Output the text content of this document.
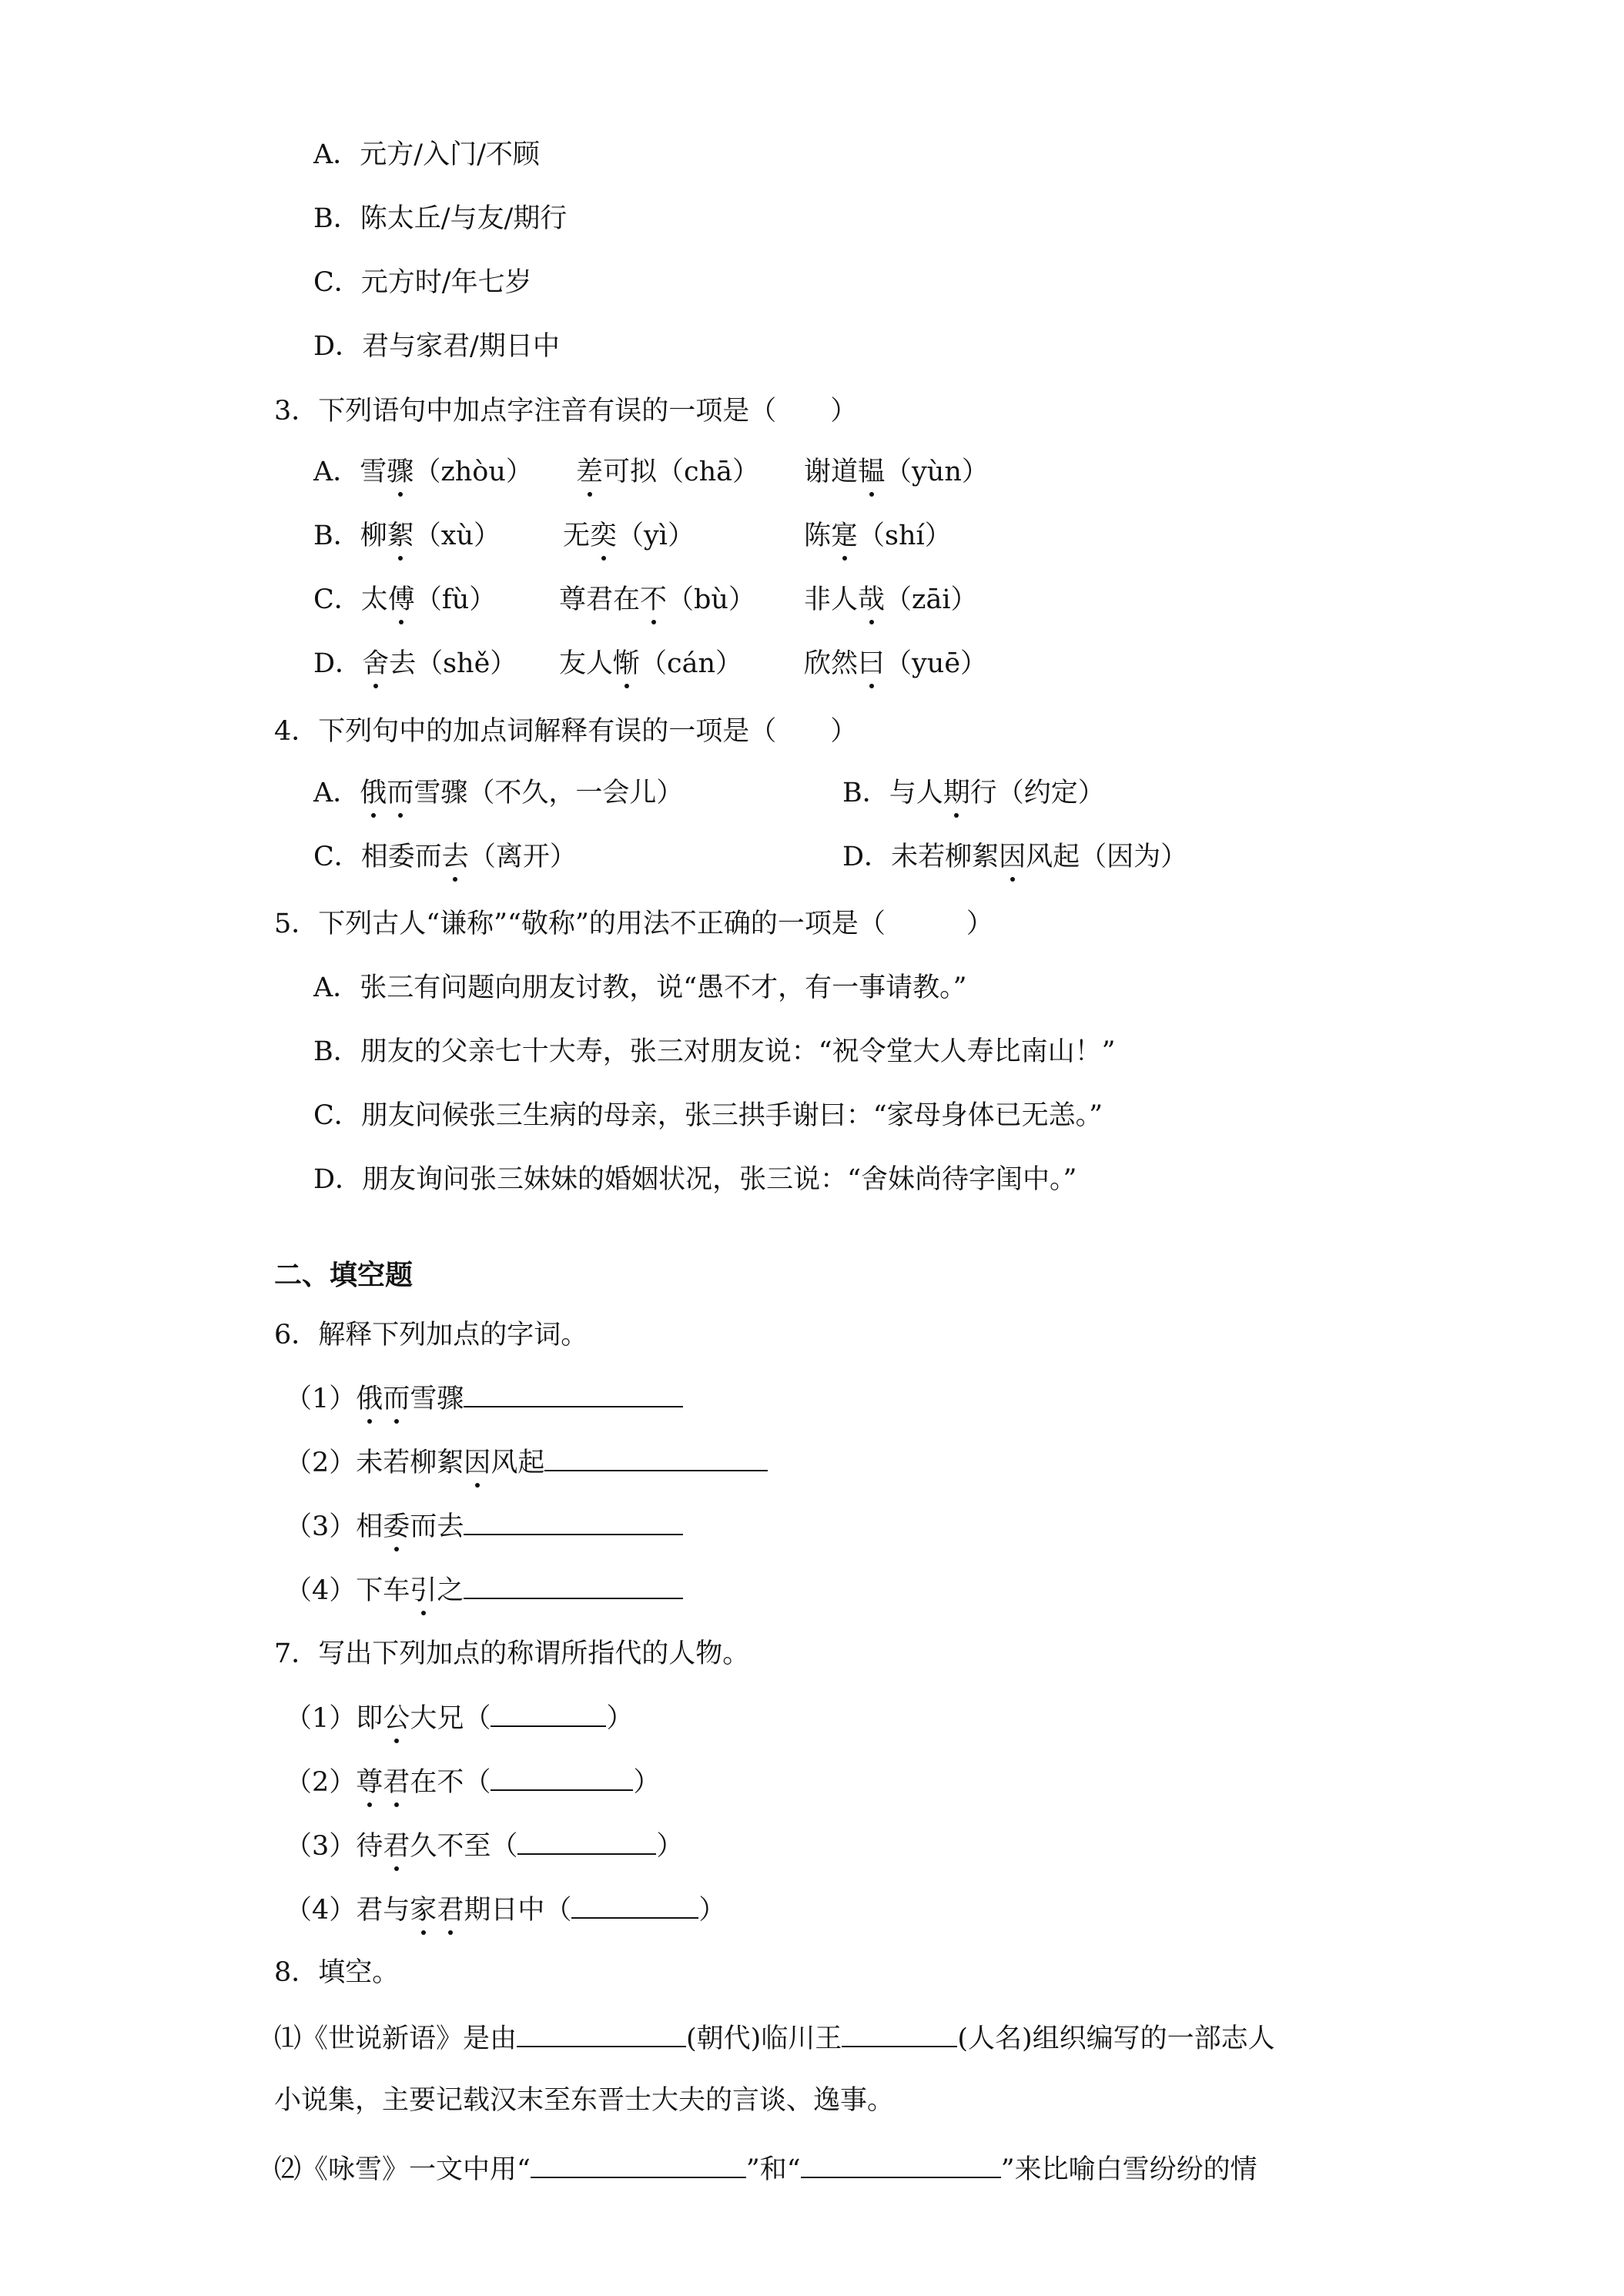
A．元方/入门/不顾
B．陈太丘/与友/期行
C．元方时/年七岁
D．君与家君/期日中
3．下列语句中加点字注音有误的一项是（　　）
A．雪骤（zhòu） 差可拟（chā） 谢道韫（yùn）
B．柳絮（xù） 无奕（yì）	陈寔（shí）
C．太傅（fù） 尊君在不（bù） 非人哉（zāi）
D．舍去（shě） 友人惭（cán） 欣然曰（yuē）
4．下列句中的加点词解释有误的一项是（　　）
A．俄而雪骤（不久，一会儿）	B．与人期行（约定）
C．相委而去（离开）	D．未若柳絮因风起（因为）
5．下列古人“谦称”“敬称”的用法不正确的一项是（　　　）
A．张三有问题向朋友讨教，说“愚不才，有一事请教。”
B．朋友的父亲七十大寿，张三对朋友说：“祝令堂大人寿比南山！”
C．朋友问候张三生病的母亲，张三拱手谢曰：“家母身体已无恙。”
D．朋友询问张三妹妹的婚姻状况，张三说：“舍妹尚待字闺中。”
二、填空题
6．解释下列加点的字词。
（1）俄而雪骤
（2）未若柳絮因风起
（3）相委而去
（4）下车引之
7．写出下列加点的称谓所指代的人物。
（1）即公大兄（	）
（2）尊君在不（	）
（3）待君久不至（	）
（4）君与家君期日中（	）
8．填空。
⑴《世说新语》是由	(朝代)临川王	(人名)组织编写的一部志人
小说集，主要记载汉末至东晋士大夫的言谈、逸事。
⑵《咏雪》一文中用“	”和“	”来比喻白雪纷纷的情
